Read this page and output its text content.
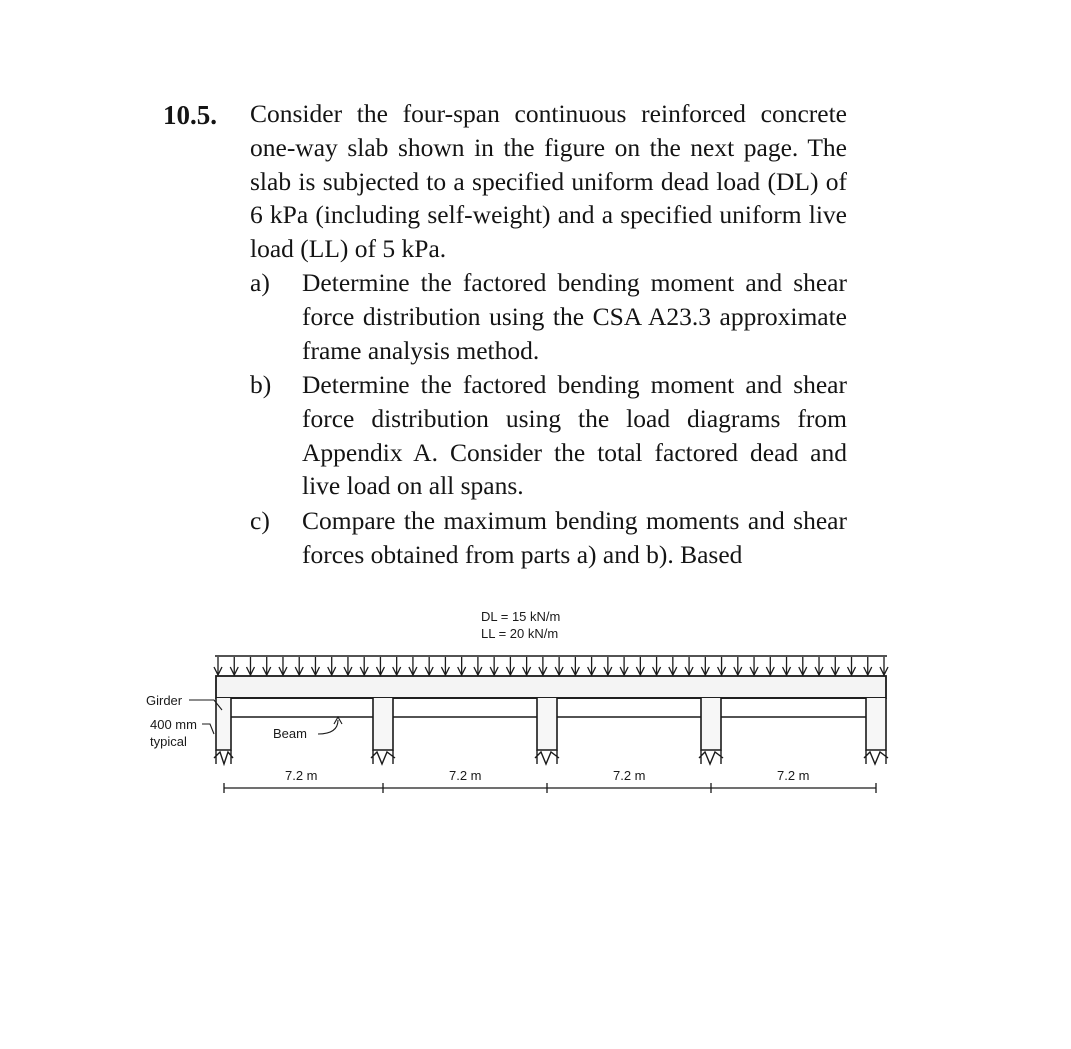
10.5. Consider the four-span continuous reinforced concrete one-way slab shown in the figure on the next page. The slab is subjected to a specified uniform dead load (DL) of 6 kPa (including self-weight) and a specified uniform live load (LL) of 5 kPa.
a) Determine the factored bending moment and shear force distribution using the CSA A23.3 approximate frame analysis method.
b) Determine the factored bending moment and shear force distribution using the load diagrams from Appendix A. Consider the total factored dead and live load on all spans.
c) Compare the maximum bending moments and shear forces obtained from parts a) and b). Based
DL = 15 kN/m
LL = 20 kN/m
Girder
400 mm
typical
Beam
7.2 m	7.2 m	7.2 m	7.2 m
